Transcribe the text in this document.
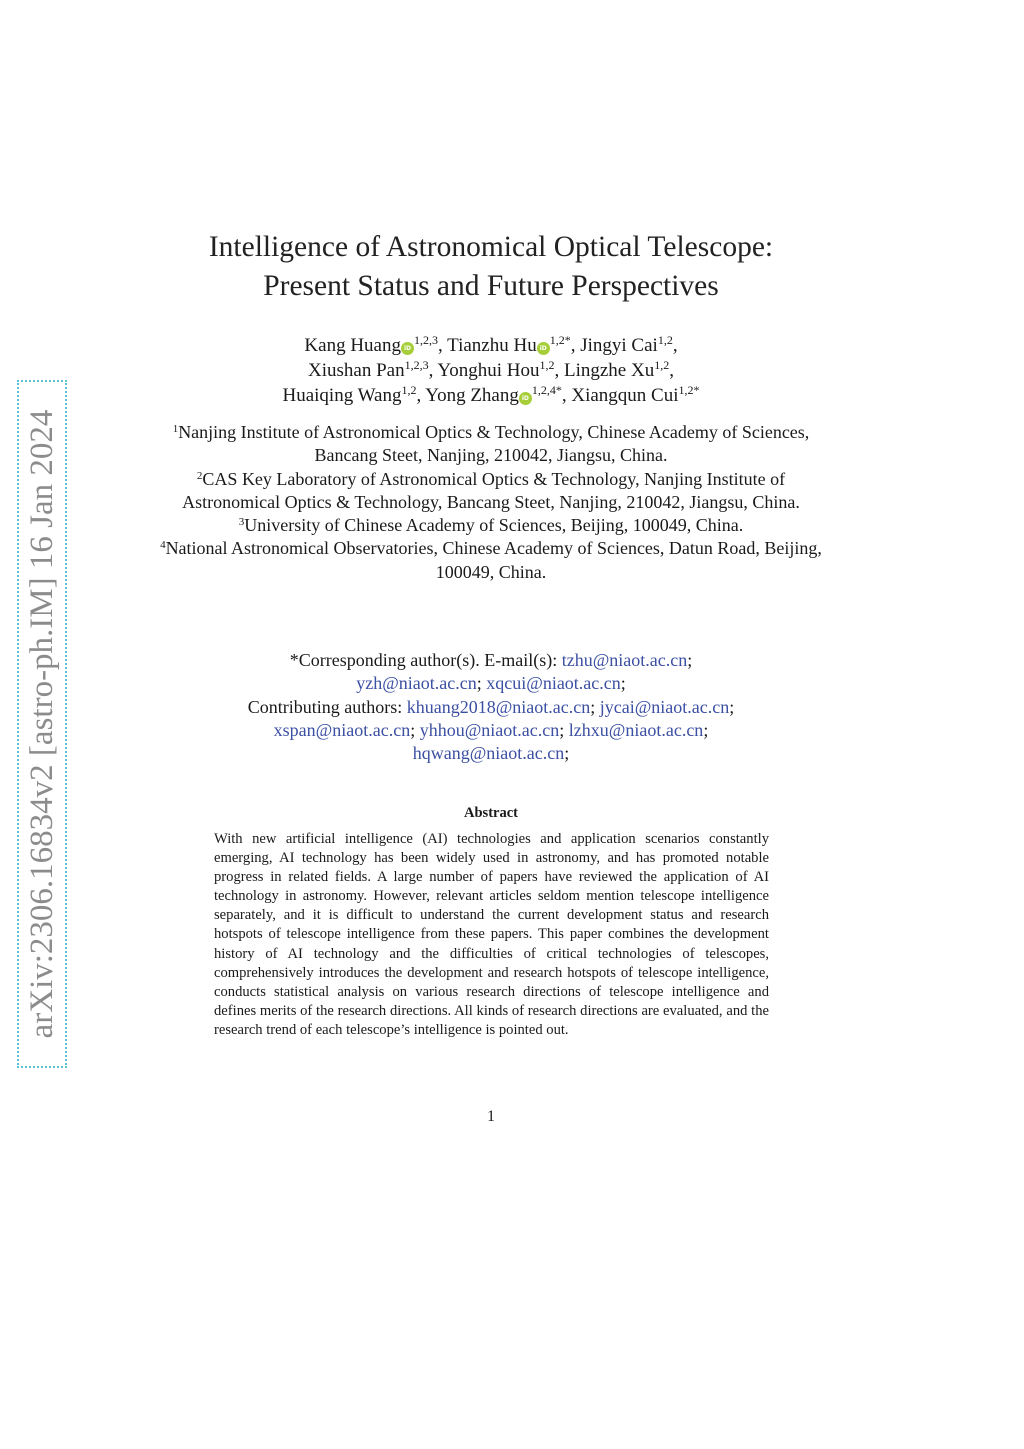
arXiv:2306.16834v2 [astro-ph.IM] 16 Jan 2024
Intelligence of Astronomical Optical Telescope:
Present Status and Future Perspectives
Kang Huang iD$^{1,2,3}$, Tianzhu Hu $iD^{1,2*}$, Jingyi Cai$^{1,2}$,
Xiushan Pan$^{1,2,3}$, Yonghui Hou$^{1,2}$, Lingzhe Xu$^{1,2}$,
Huaiqing Wang$^{1,2}$, Yong Zhang $iD^{1,2,4*}$, Xiangqun Cui$^{1,2*}$

$^1$Nanjing Institute of Astronomical Optics & Technology, Chinese Academy of Sciences, Bancang Steet, Nanjing, 210042, Jiangsu, China.

$^2$CAS Key Laboratory of Astronomical Optics & Technology, Nanjing Institute of Astronomical Optics & Technology, Bancang Steet, Nanjing, 210042, Jiangsu, China.

$^3$University of Chinese Academy of Sciences, Beijing, 100049, China.

$^4$National Astronomical Observatories, Chinese Academy of Sciences, Datun Road, Beijing, 100049, China.

*Corresponding author(s). E-mail(s): tzhu@niaot.ac.cn;
yzh@niaot.ac.cn; xqcui@niaot.ac.cn;
Contributing authors: khuang2018@niaot.ac.cn; jycai@niaot.ac.cn;
xspan@niaot.ac.cn; yhhou@niaot.ac.cn; lzhxu@niaot.ac.cn;
hqwang@niaot.ac.cn;
Abstract
With new artificial intelligence (AI) technologies and application scenarios constantly emerging, AI technology has been widely used in astronomy, and has promoted notable progress in related fields. A large number of papers have reviewed the application of AI technology in astronomy. However, relevant articles seldom mention telescope intelligence separately, and it is difficult to understand the current development status and research hotspots of telescope intelligence from these papers. This paper combines the development history of AI technology and the difficulties of critical technologies of telescopes, comprehensively introduces the development and research hotspots of telescope intelligence, conducts statistical analysis on various research directions of telescope intelligence and defines merits of the research directions. All kinds of research directions are evaluated, and the research trend of each telescope’s intelligence is pointed out.
1
